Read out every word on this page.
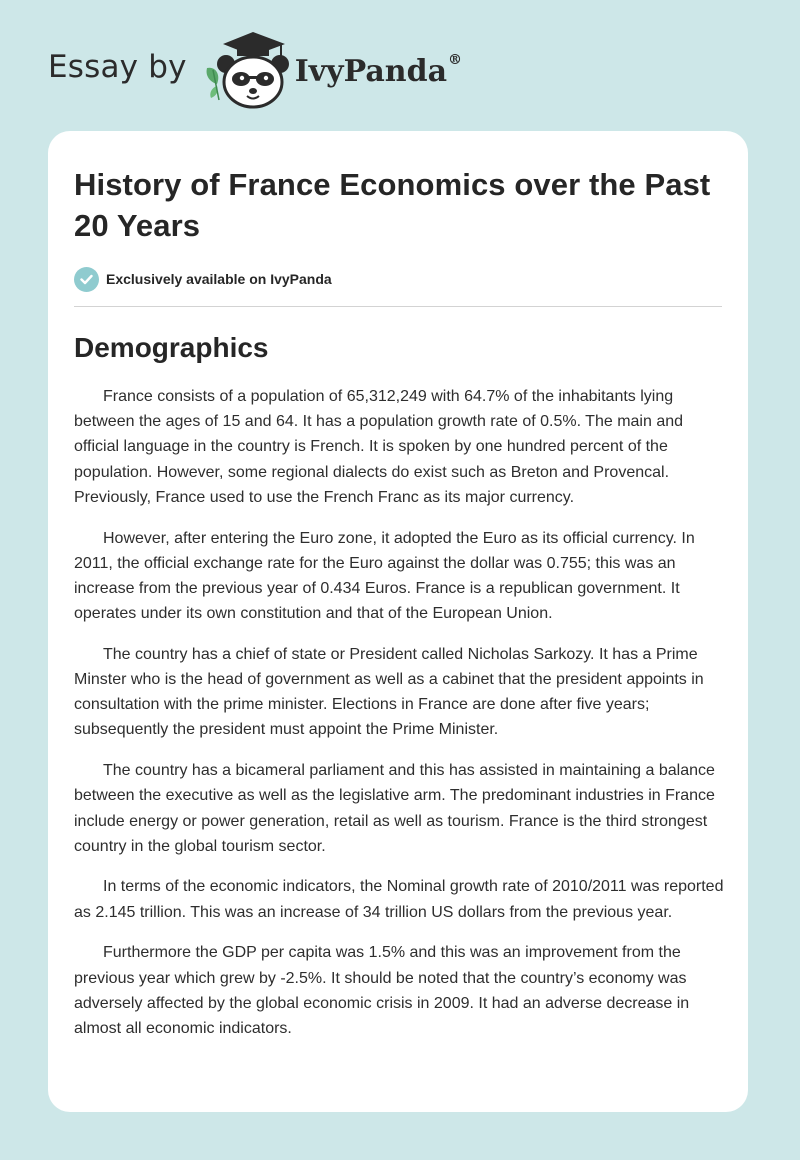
Essay by	IvyPanda®
History of France Economics over the Past 20 Years
Exclusively available on IvyPanda
Demographics

France consists of a population of 65,312,249 with 64.7% of the inhabitants lying between the ages of 15 and 64. It has a population growth rate of 0.5%. The main and official language in the country is French. It is spoken by one hundred percent of the population. However, some regional dialects do exist such as Breton and Provencal. Previously, France used to use the French Franc as its major currency.

However, after entering the Euro zone, it adopted the Euro as its official currency. In 2011, the official exchange rate for the Euro against the dollar was 0.755; this was an increase from the previous year of 0.434 Euros. France is a republican government. It operates under its own constitution and that of the European Union.

The country has a chief of state or President called Nicholas Sarkozy. It has a Prime Minster who is the head of government as well as a cabinet that the president appoints in consultation with the prime minister. Elections in France are done after five years; subsequently the president must appoint the Prime Minister.

The country has a bicameral parliament and this has assisted in maintaining a balance between the executive as well as the legislative arm. The predominant industries in France include energy or power generation, retail as well as tourism. France is the third strongest country in the global tourism sector.

In terms of the economic indicators, the Nominal growth rate of 2010/2011 was reported as 2.145 trillion. This was an increase of 34 trillion US dollars from the previous year.

Furthermore the GDP per capita was 1.5% and this was an improvement from the previous year which grew by -2.5%. It should be noted that the country’s economy was adversely affected by the global economic crisis in 2009. It had an adverse decrease in almost all economic indicators.
